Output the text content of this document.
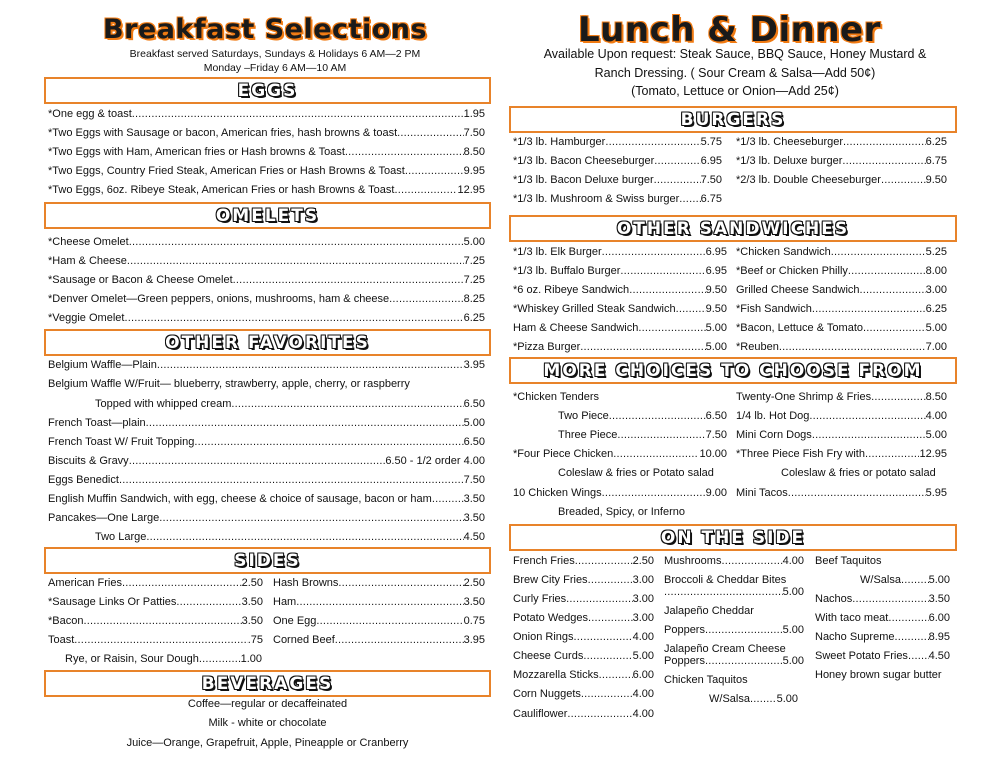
Breakfast Selections
Breakfast served Saturdays, Sundays & Holidays 6 AM—2 PM
Monday –Friday 6 AM—10 AM
EGGS
*One egg & toast .....	1.95
*Two Eggs with Sausage or bacon, American fries, hash browns & toast .....	7.50
*Two Eggs with Ham, American fries or Hash browns & Toast .....	8.50
*Two Eggs, Country Fried Steak, American Fries or Hash Browns & Toast .....	9.95
*Two Eggs, 6oz. Ribeye Steak, American Fries or hash Browns & Toast .....	12.95
OMELETS
*Cheese Omelet .....	5.00
*Ham & Cheese .....	7.25
*Sausage or Bacon & Cheese Omelet .....	7.25
*Denver Omelet—Green peppers, onions, mushrooms, ham & cheese .....	8.25
*Veggie Omelet .....	6.25
OTHER FAVORITES
Belgium Waffle—Plain .....	3.95
Belgium Waffle W/Fruit— blueberry, strawberry, apple, cherry, or raspberry
Topped with whipped cream .....	6.50
French Toast—plain .....	5.00
French Toast W/ Fruit Topping .....	6.50
Biscuits & Gravy .....	6.50 - 1/2 order 4.00
Eggs Benedict .....	7.50
English Muffin Sandwich, with egg, cheese & choice of sausage, bacon or ham .....	3.50
Pancakes—One Large .....	3.50
Two Large .....	4.50
SIDES
American Fries .....	2.50
*Sausage Links Or Patties .....	3.50
*Bacon .....	3.50
Toast .....	.75
Rye, or Raisin, Sour Dough .....	1.00
Hash Browns .....	2.50
Ham .....	3.50
One Egg .....	0.75
Corned Beef .....	3.95
BEVERAGES
Coffee—regular or decaffeinated
Milk - white or chocolate
Juice—Orange, Grapefruit, Apple, Pineapple or Cranberry
Lunch & Dinner
Available Upon request: Steak Sauce, BBQ Sauce, Honey Mustard &
Ranch Dressing. ( Sour Cream & Salsa—Add 50¢)
(Tomato, Lettuce or Onion—Add 25¢)
BURGERS
*1/3 lb. Hamburger .....	5.75
*1/3 lb. Bacon Cheeseburger .....	6.95
*1/3 lb. Bacon Deluxe burger .....	7.50
*1/3 lb. Mushroom & Swiss burger ..... 6.75
*1/3 lb. Cheeseburger .....	6.25
*1/3 lb. Deluxe burger .....	6.75
*2/3 lb. Double Cheeseburger .....	9.50
OTHER SANDWICHES
*1/3 lb. Elk Burger .....	6.95
*1/3 lb. Buffalo Burger .....	6.95
*6 oz. Ribeye Sandwich .....	9.50
*Whiskey Grilled Steak Sandwich .....	9.50
Ham & Cheese Sandwich .....	5.00
*Pizza Burger .....	5.00
*Chicken Sandwich .....	5.25
*Beef or Chicken Philly .....	8.00
Grilled Cheese Sandwich .....	3.00
*Fish Sandwich .....	6.25
*Bacon, Lettuce & Tomato .....	5.00
*Reuben .....	7.00
MORE CHOICES TO CHOOSE FROM
*Chicken Tenders
Two Piece .....	6.50
Three Piece .....	7.50
*Four Piece Chicken .....	10.00
Coleslaw & fries or Potato salad
10 Chicken Wings .....	9.00
Breaded, Spicy, or Inferno
Twenty-One Shrimp & Fries .....	8.50
1/4 lb. Hot Dog .....	4.00
Mini Corn Dogs .....	5.00
*Three Piece Fish Fry with .....	12.95
Coleslaw & fries or potato salad
Mini Tacos .....	5.95
ON THE SIDE
French Fries .....	2.50
Brew City Fries .....	3.00
Curly Fries .....	3.00
Potato Wedges .....	3.00
Onion Rings .....	4.00
Cheese Curds .....	5.00
Mozzarella Sticks .....	6.00
Corn Nuggets .....	4.00
Cauliflower .....	4.00
Mushrooms .....	4.00
Broccoli & Cheddar Bites
.....
5.00
Jalapeño Cheddar
Poppers .....	5.00
Jalapeño Cream Cheese
Poppers .....	5.00
Chicken Taquitos
W/Salsa ..... 5.00
Beef Taquitos
W/Salsa .....	5.00
Nachos .....	3.50
With taco meat .....	6.00
Nacho Supreme .....	8.95
Sweet Potato Fries ..... 4.50
Honey brown sugar butter
